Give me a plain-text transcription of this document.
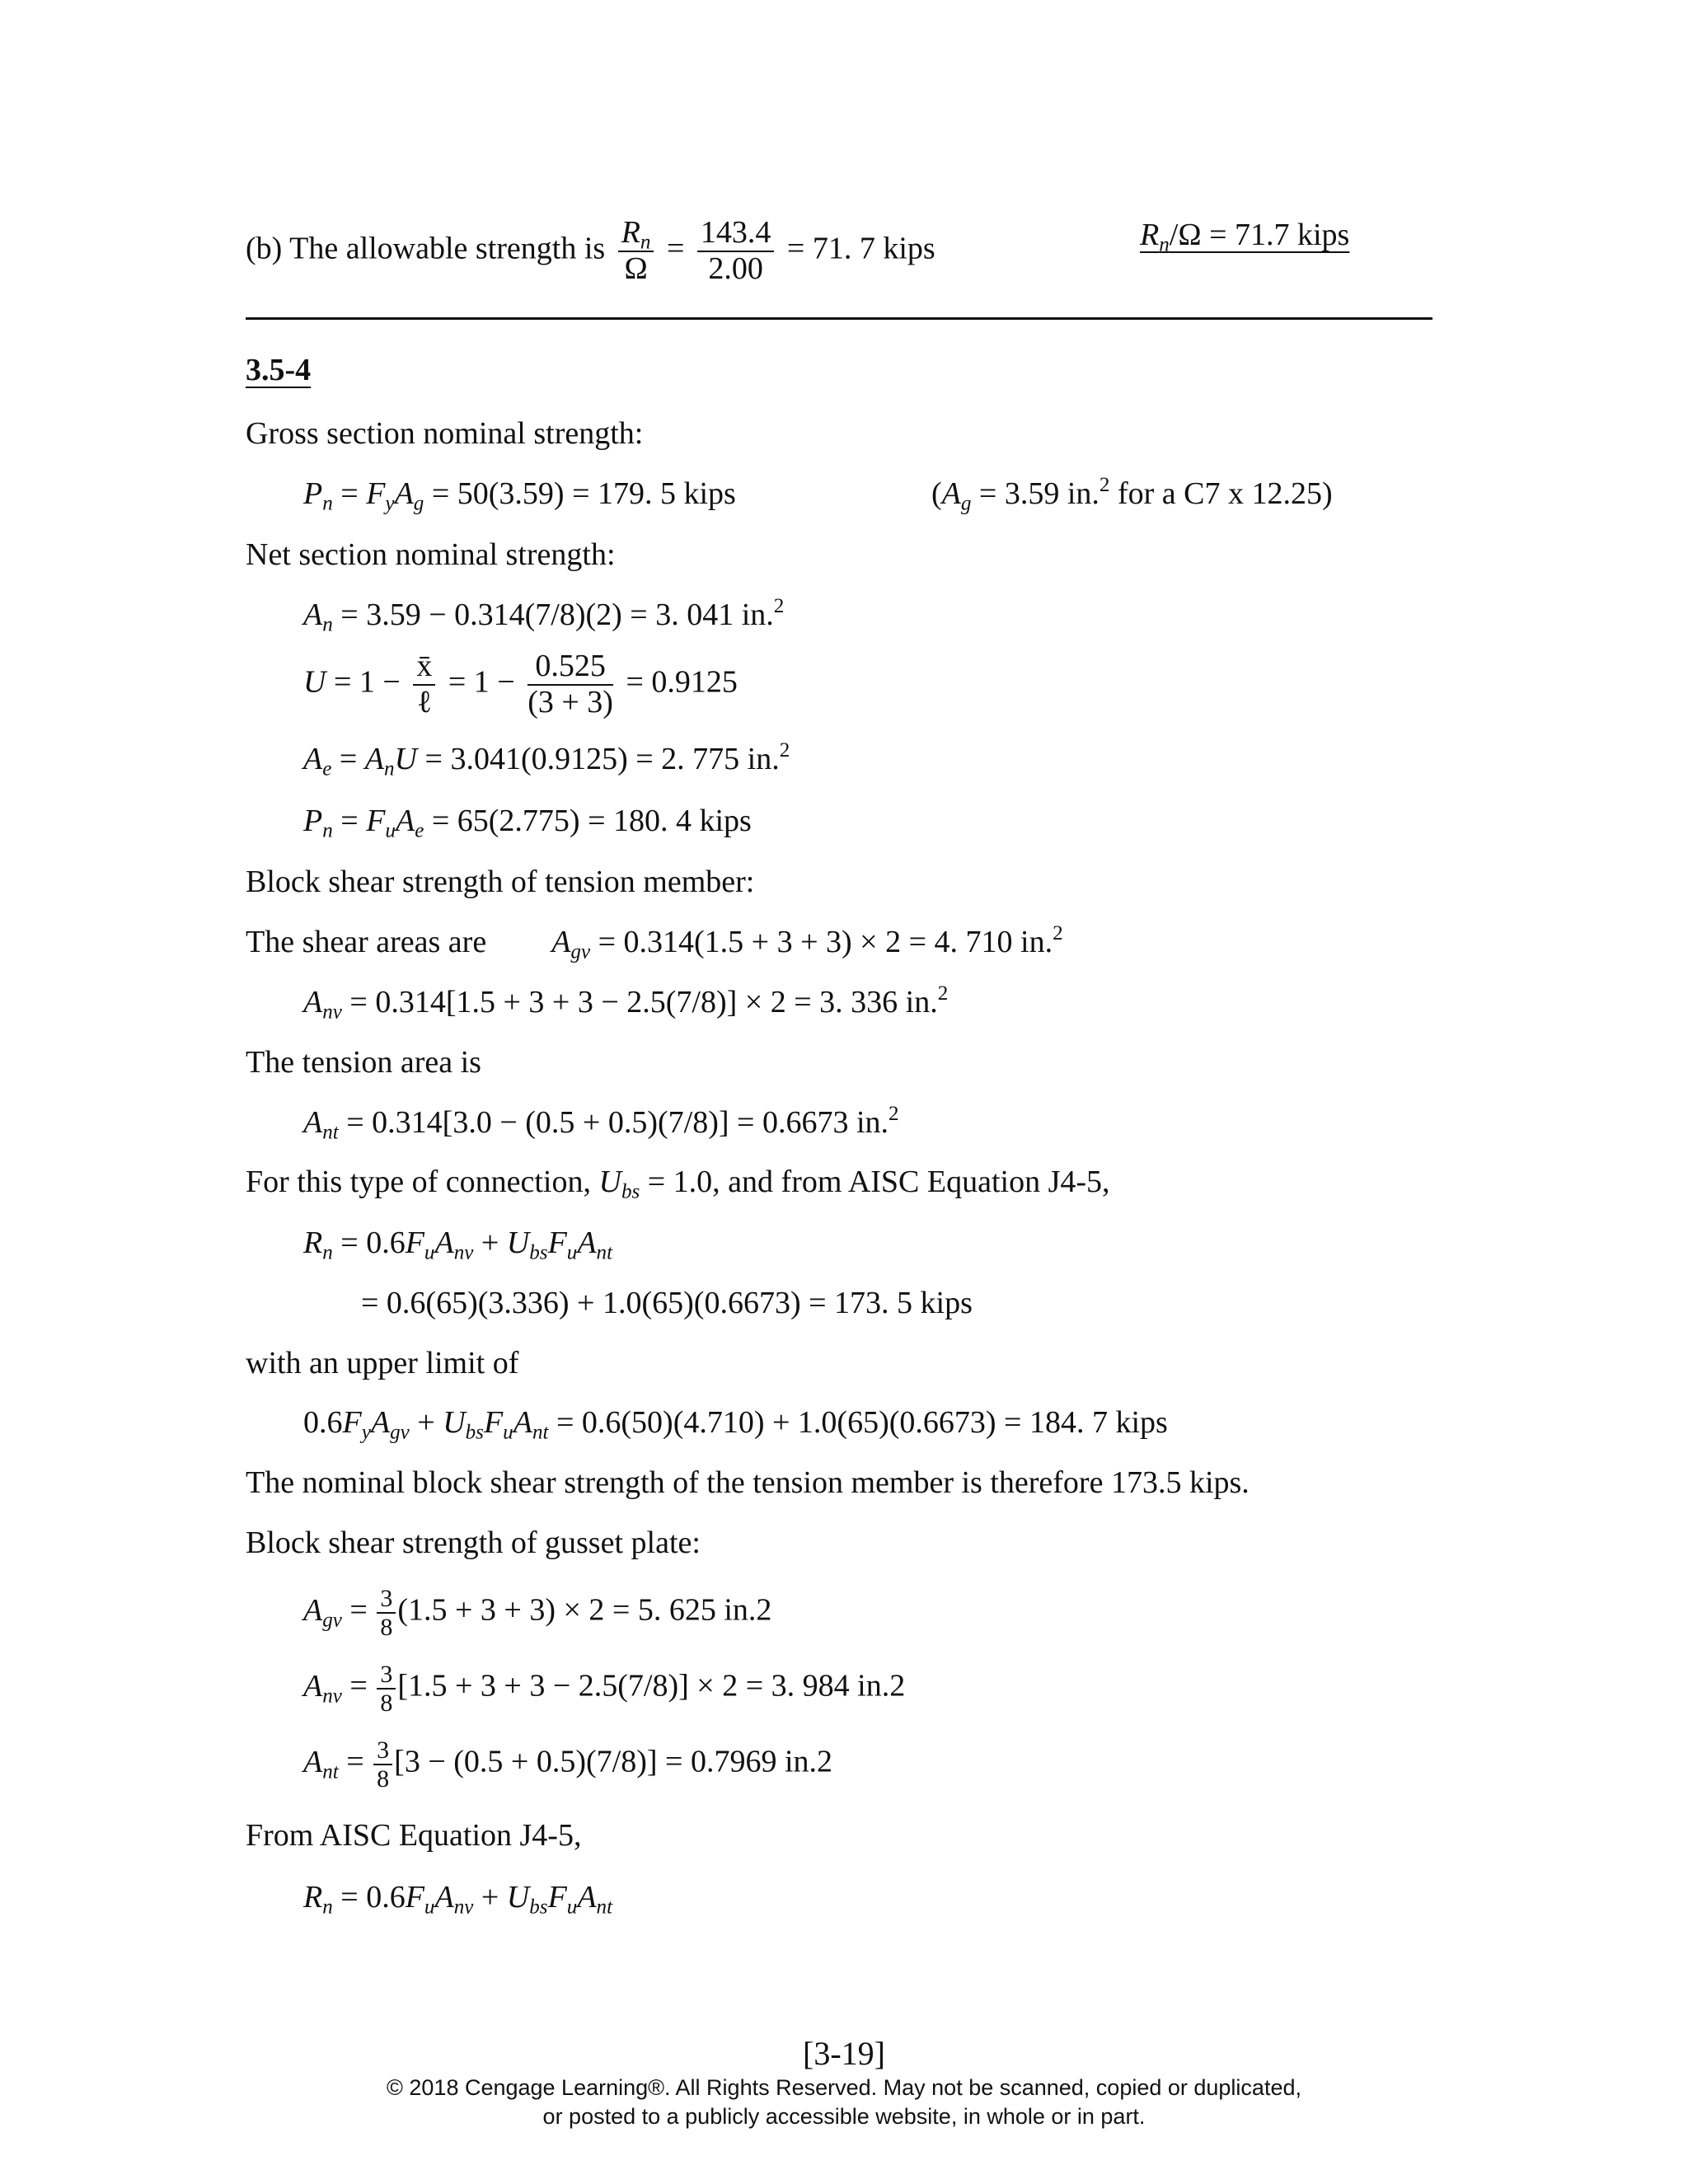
(b) The allowable strength is $\frac{R_n}{\Omega} = \frac{143.4}{2.00} = 71$. 7 kips	$R_n/\Omega = 71.7$ kips
3.5-4
Gross section nominal strength:
$P_n = F_yA_g = 50(3.59) = 179$. 5 kips	($A_g = 3.59$ in.$^2$ for a C7 x 12.25)
Net section nominal strength:
$A_n = 3.59 - 0.314(7/8)(2) = 3$. 041 in.$^2$
$U = 1 - \frac{x̄}{\text{ℓ}} = 1 - \frac{0.525}{(3 + 3)} = 0.9125$
$A_e = A_nU = 3.041(0.9125) = 2$. 775 in.$^2$
$P_n = F_uA_e = 65(2.775) = 180$. 4 kips
Block shear strength of tension member:
The shear areas are $A_{gv} = 0.314(1.5 + 3 + 3) \times 2 = 4$. 710 in.$^2$
$A_{nv} = 0.314[1.5 + 3 + 3 - 2.5(7/8)] \times 2 = 3$. 336 in.$^2$
The tension area is
$A_{nt} = 0.314[3.0 - (0.5 + 0.5)(7/8)] = 0.6673$ in.$^2$
For this type of connection, $U_{bs} = 1.0$, and from AISC Equation J4-5,
$R_n = 0.6F_uA_{nv} + U_{bs}F_uA_{nt}$
= 0.6(65)(3.336) + 1.0(65)(0.6673) = 173. 5 kips
with an upper limit of
$0.6F_yA_{gv} + U_{bs}F_uA_{nt} = 0.6(50)(4.710) + 1.0(65)(0.6673) = 184$. 7 kips
The nominal block shear strength of the tension member is therefore 173.5 kips.
Block shear strength of gusset plate:
$A_{gv} = \frac{3}{8} (1.5 + 3 + 3) \times 2 = 5$. 625 in.2
$A_{nv} = \frac{3}{8} [1.5 + 3 + 3 - 2.5(7/8)] \times 2 = 3$. 984 in.2
$A_{nt} = \frac{3}{8} [3 - (0.5 + 0.5)(7/8)] = 0.7969$ in.2
From AISC Equation J4-5,
$R_n = 0.6F_uA_{nv} + U_{bs}F_uA_{nt}$
[3-19]
© 2018 Cengage Learning®. All Rights Reserved. May not be scanned, copied or duplicated,
or posted to a publicly accessible website, in whole or in part.
